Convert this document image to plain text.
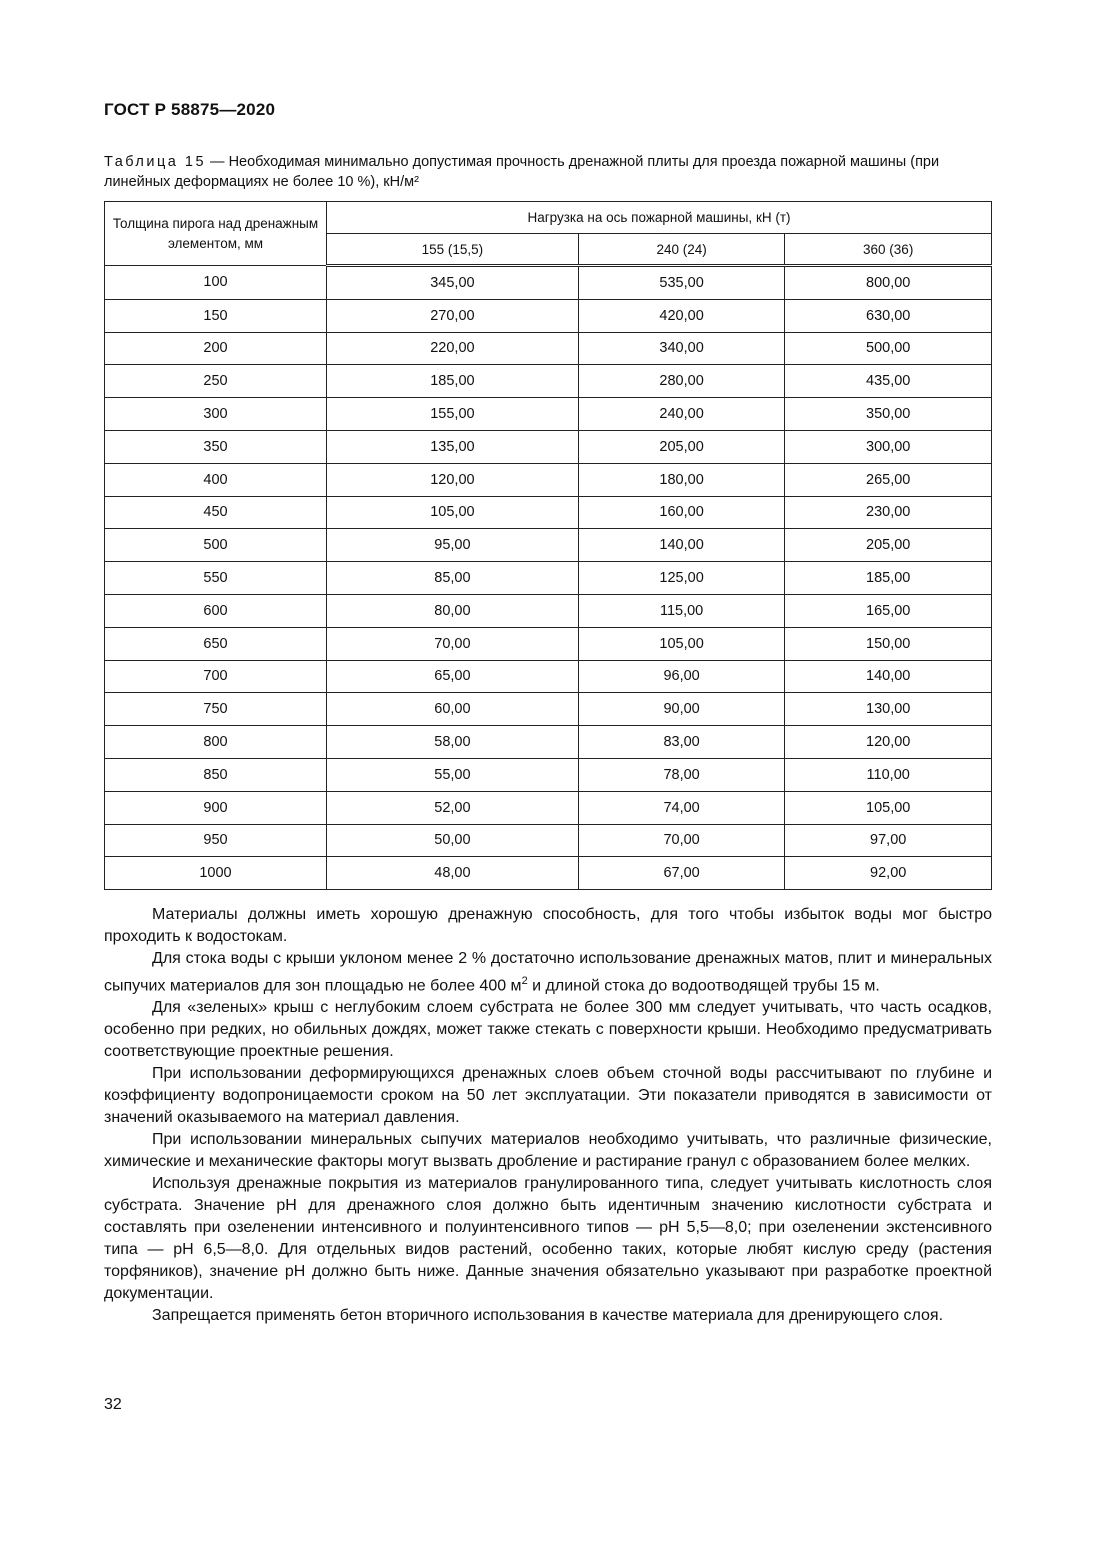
ГОСТ Р 58875—2020
Таблица 15 — Необходимая минимально допустимая прочность дренажной плиты для проезда пожарной машины (при линейных деформациях не более 10 %), кН/м²
Толщина пирога над дренажным элементом, мм	Нагрузка на ось пожарной машины, кН (т)		
	155 (15,5)	240 (24)	360 (36)
100	345,00	535,00	800,00
150	270,00	420,00	630,00
200	220,00	340,00	500,00
250	185,00	280,00	435,00
300	155,00	240,00	350,00
350	135,00	205,00	300,00
400	120,00	180,00	265,00
450	105,00	160,00	230,00
500	95,00	140,00	205,00
550	85,00	125,00	185,00
600	80,00	115,00	165,00
650	70,00	105,00	150,00
700	65,00	96,00	140,00
750	60,00	90,00	130,00
800	58,00	83,00	120,00
850	55,00	78,00	110,00
900	52,00	74,00	105,00
950	50,00	70,00	97,00
1000	48,00	67,00	92,00

Материалы должны иметь хорошую дренажную способность, для того чтобы избыток воды мог быстро проходить к водостокам.

Для стока воды с крыши уклоном менее 2 % достаточно использование дренажных матов, плит и минеральных сыпучих материалов для зон площадью не более 400 $м^2$ и длиной стока до водоотводящей трубы 15 м.

Для «зеленых» крыш с неглубоким слоем субстрата не более 300 мм следует учитывать, что часть осадков, особенно при редких, но обильных дождях, может также стекать с поверхности крыши. Необходимо предусматривать соответствующие проектные решения.

При использовании деформирующихся дренажных слоев объем сточной воды рассчитывают по глубине и коэффициенту водопроницаемости сроком на 50 лет эксплуатации. Эти показатели приводятся в зависимости от значений оказываемого на материал давления.

При использовании минеральных сыпучих материалов необходимо учитывать, что различные физические, химические и механические факторы могут вызвать дробление и растирание гранул с образованием более мелких.

Используя дренажные покрытия из материалов гранулированного типа, следует учитывать кислотность слоя субстрата. Значение pH для дренажного слоя должно быть идентичным значению кислотности субстрата и составлять при озеленении интенсивного и полуинтенсивного типов — pH 5,5—8,0; при озеленении экстенсивного типа — pH 6,5—8,0. Для отдельных видов растений, особенно таких, которые любят кислую среду (растения торфяников), значение pH должно быть ниже. Данные значения обязательно указывают при разработке проектной документации.

Запрещается применять бетон вторичного использования в качестве материала для дренирующего слоя.

32
